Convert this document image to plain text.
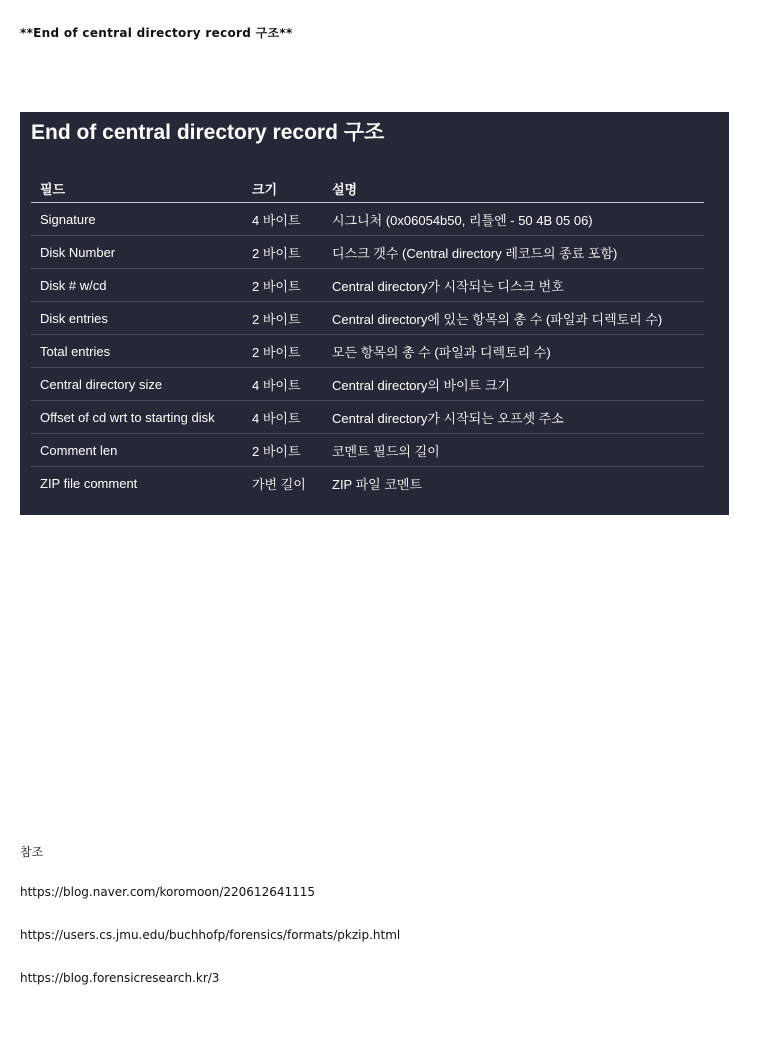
**End of central directory record 구조**
End of central directory record 구조
필드	크기	설명
Signature	4 바이트	시그니처 (0x06054b50, 리틀엔 - 50 4B 05 06)
Disk Number	2 바이트	디스크 갯수 (Central directory 레코드의 종료 포함)
Disk # w/cd	2 바이트	Central directory가 시작되는 디스크 번호
Disk entries	2 바이트	Central directory에 있는 항목의 총 수 (파일과 디렉토리 수)
Total entries	2 바이트	모든 항목의 총 수 (파일과 디렉토리 수)
Central directory size	4 바이트	Central directory의 바이트 크기
Offset of cd wrt to starting disk	4 바이트	Central directory가 시작되는 오프셋 주소
Comment len	2 바이트	코멘트 필드의 길이
ZIP file comment	가변 길이	ZIP 파일 코멘트
참조
https://blog.naver.com/koromoon/220612641115
https://users.cs.jmu.edu/buchhofp/forensics/formats/pkzip.html
https://blog.forensicresearch.kr/3
